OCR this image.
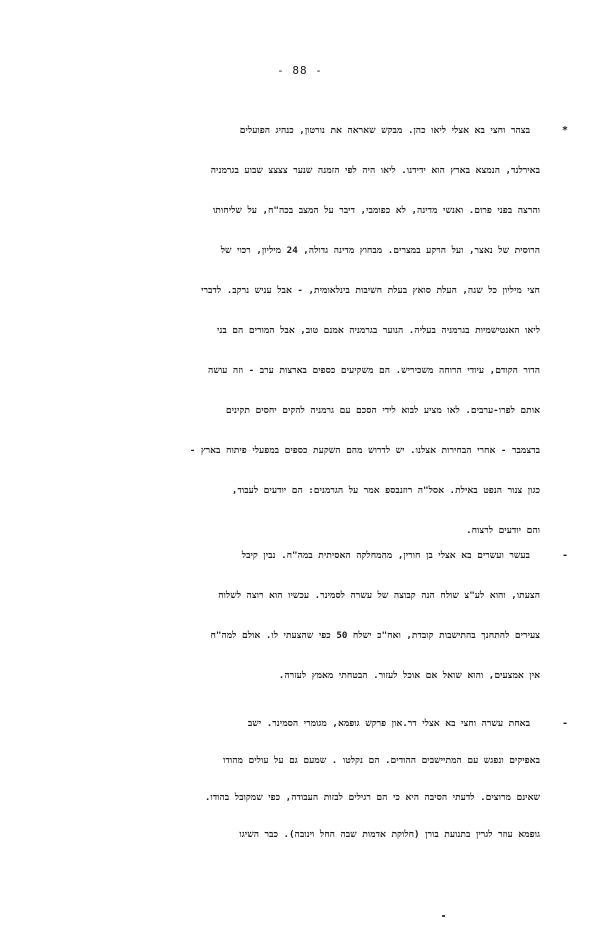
- 88 -
*
בצהר וחצי בא אצלי ליאו כהן. מבקש שאראה את נורטון, כנהיג הפועלים
באירלנד, הנמצא בארץ הוא ידידנו. ליאו היה לפי הזמנה שנער צצצצ שבוע בגרמניה
והרצה בפני פרום. ואנשי מדינה, לא כפומבי, דיבר על המצב בכה"ח, על שליחותו
הרוסית של נאצר, ועל הרקע במצרים. מבחוץ מדינה גדולה, 24 מיליון, רכוי של
חצי מיליון כל שנה, העלת סואץ בעלת חשיבות בינלאומית, - אבל עניש נרקב. לדברי
ליאו האנטישמיות בגרמניה בעליה. הנוער בגרמניה אמנם טוב, אבל המורים הם בני
הדור הקודם, עיודי הרוחה משכיריש. הם משקיעים כספים בארצות ערב - וזה עושה
אותם לפרו-ערבים. לאו מציע לבוא לידי הסכם עם גרמניה להקים יחסים תקינים
בדצמבר - אחרי הבחירות אצלנו. יש לדרוש מהם השקעת כספים במפעלי פיתוח בארץ -
כגון צנור הנפט באילת. אסל"ה רוזנבספ אמר על הגרמנים: הם יודעים לעבוד,
והם יודעים לרצוח.
-
בעשר ועשרים בא אצלי בן חורין, מהמחלקה האסיתית במה"ח. נבין קיבל
הצעתו, והוא לע"צ שולח הנה קבוצה של עשרה לסמינר. עכשיו הוא רוצה לשלוח
צעירים להתחנך בהתישבות קובדת, ואח"כ ישלח 50 כפי שהצעתי לו. אולם למה"ח
אין אמצעים, והוא שואל אם אוכל לעזור. הבטחתי מאמץ לעזרה.
-
באחת עשרה וחצי בא אצלי דר.און פרקש גופמא, מגומרי הסמינר. ישב
באפיקים ונפגש עם המתיישבים ההודים. הם נקלטו . שמעם גם על עולים מהודו
שאינם מרוצים. לדעתי הסיבה היא כי הם רגילים לבזות העבודה, כפי שמקובל בהודו.
גופמא עוזר לגרין בתנועת בורן (חלוקת אדמות שבה החל וינובה). כבר השיגו
